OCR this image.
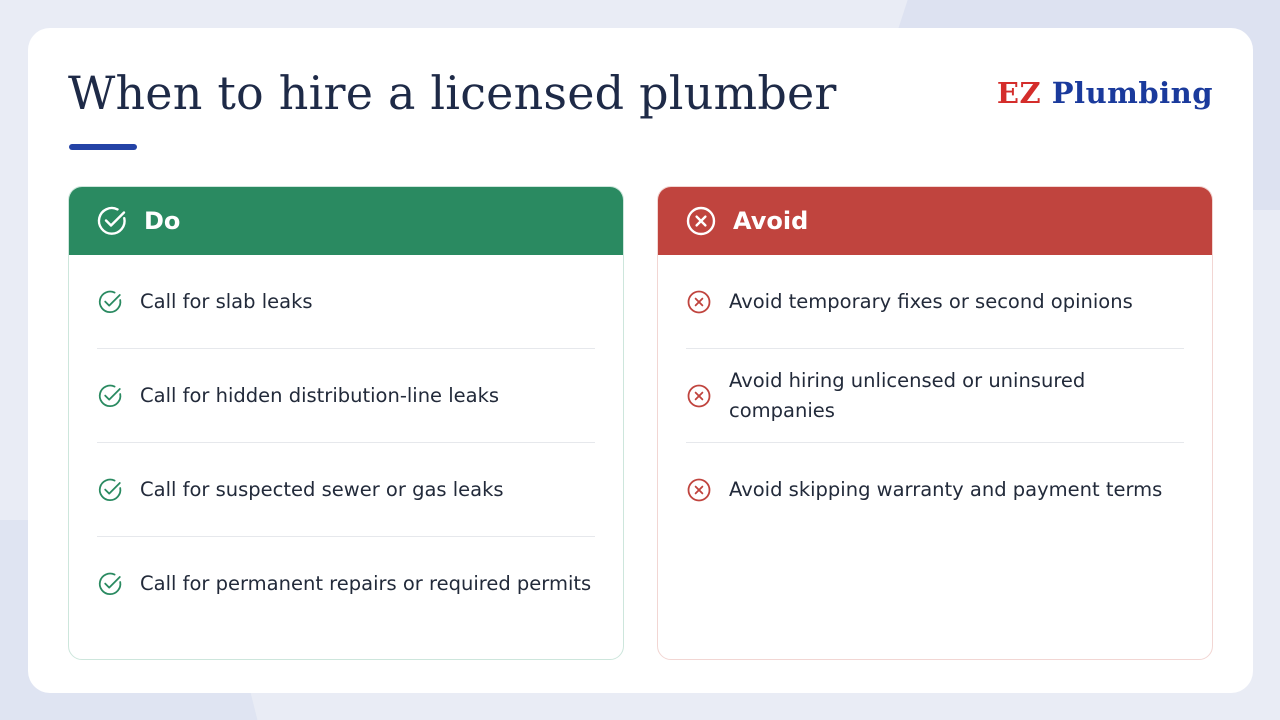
When to hire a licensed plumber	EZ Plumbing
Do
Call for slab leaks
Call for hidden distribution-line leaks
Call for suspected sewer or gas leaks
Call for permanent repairs or required permits
Avoid
Avoid temporary fixes or second opinions
Avoid hiring unlicensed or uninsured companies
Avoid skipping warranty and payment terms
